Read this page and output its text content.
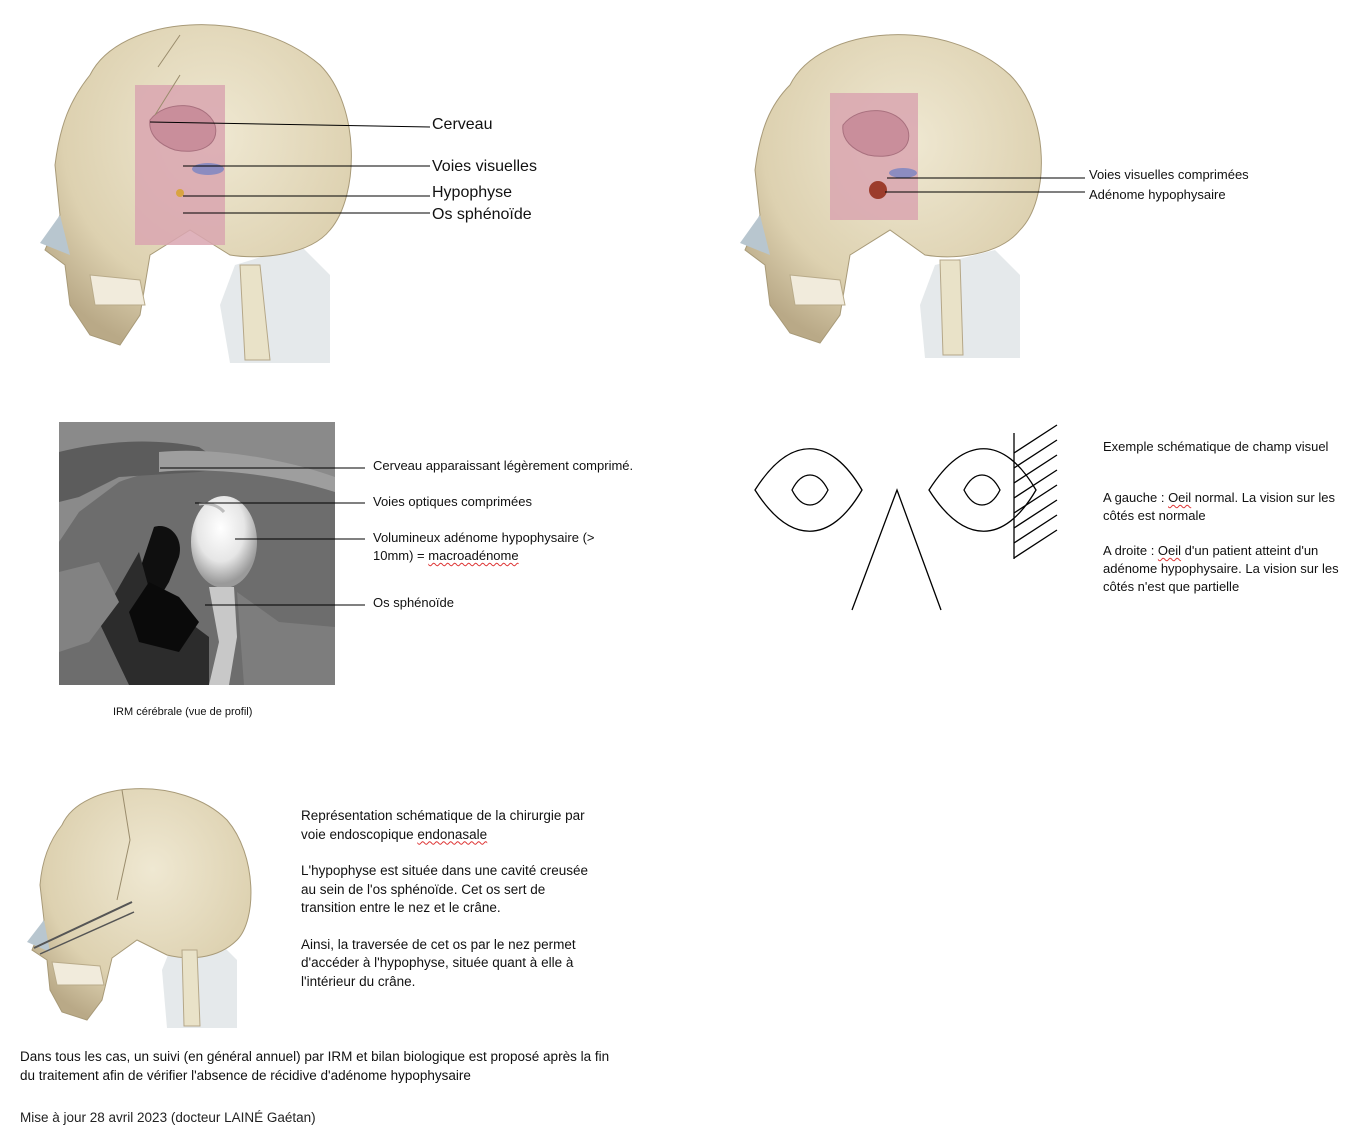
Cerveau
Voies visuelles
Hypophyse
Os sphénoïde
Voies visuelles comprimées
Adénome hypophysaire
Cerveau apparaissant légèrement comprimé.
Voies optiques comprimées
Volumineux adénome hypophysaire (>
10mm) = macroadénome
Os sphénoïde
IRM cérébrale (vue de profil)
Exemple schématique de champ visuel
A gauche : Oeil normal. La vision sur les côtés est normale
A droite : Oeil d'un patient atteint d'un adénome hypophysaire. La vision sur les côtés n'est que partielle

Représentation schématique de la chirurgie par voie endoscopique endonasale

L'hypophyse est située dans une cavité creusée au sein de l'os sphénoïde. Cet os sert de transition entre le nez et le crâne.

Ainsi, la traversée de cet os par le nez permet d'accéder à l'hypophyse, située quant à elle à l'intérieur du crâne.

Dans tous les cas, un suivi (en général annuel) par IRM et bilan biologique est proposé après la fin du traitement afin de vérifier l'absence de récidive d'adénome hypophysaire
Mise à jour 28 avril 2023 (docteur LAINÉ Gaétan)
